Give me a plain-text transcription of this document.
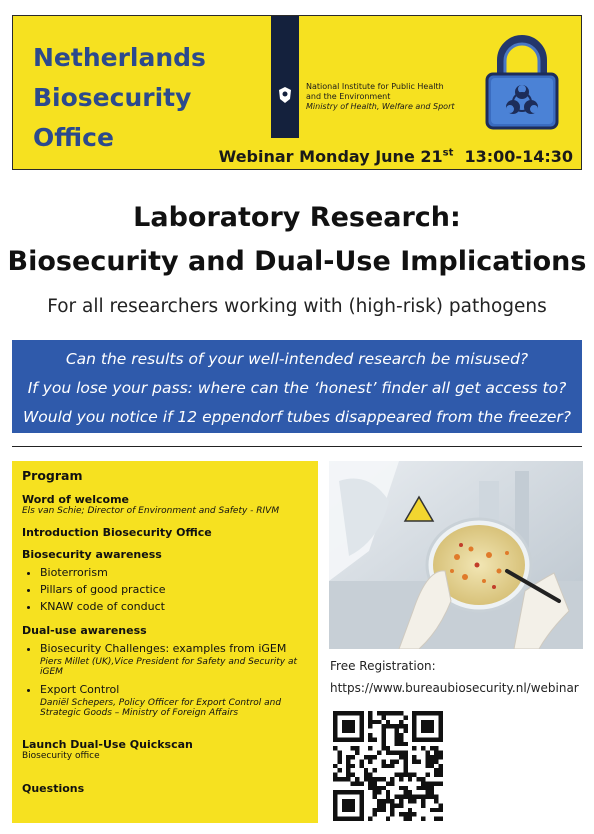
Netherlands
Biosecurity
Office
National Institute for Public Health
and the Environment
Ministry of Health, Welfare and Sport
Webinar Monday June 21st 13:00-14:30
Laboratory Research:
Biosecurity and Dual-Use Implications
For all researchers working with (high-risk) pathogens
Can the results of your well-intended research be misused?
If you lose your pass: where can the ‘honest’ finder all get access to?
Would you notice if 12 eppendorf tubes disappeared from the freezer?
Program
Word of welcome
Els van Schie; Director of Environment and Safety - RIVM
Introduction Biosecurity Office
Biosecurity awareness
• Bioterrorism
• Pillars of good practice
• KNAW code of conduct
Dual-use awareness
• Biosecurity Challenges: examples from iGEM
Piers Millet (UK),Vice President for Safety and Security at iGEM
• Export Control
Daniël Schepers, Policy Officer for Export Control and Strategic Goods – Ministry of Foreign Affairs
Launch Dual-Use Quickscan
Biosecurity office
Questions
Free Registration:
https://www.bureaubiosecurity.nl/webinar
